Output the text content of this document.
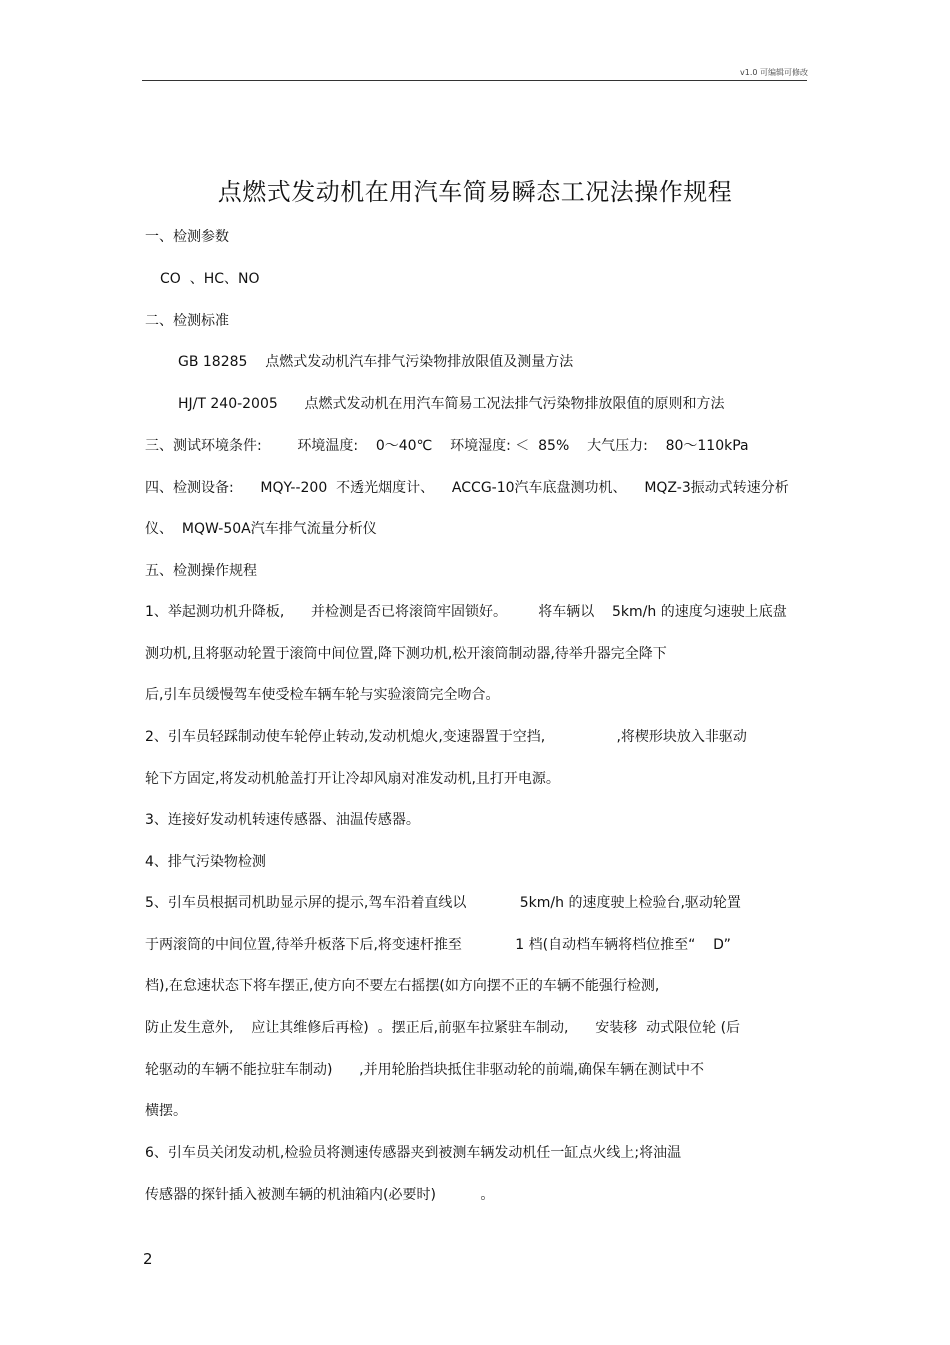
v1.0 可编辑可修改
点燃式发动机在用汽车简易瞬态工况法操作规程
一、检测参数
CO  、HC、NO
二、检测标准
GB 18285    点燃式发动机汽车排气污染物排放限值及测量方法
HJ/T 240-2005      点燃式发动机在用汽车简易工况法排气污染物排放限值的原则和方法
三、测试环境条件:        环境温度:    0～40℃    环境湿度: ＜  85%    大气压力:    80～110kPa
四、检测设备:      MQY--200  不透光烟度计、    ACCG-10汽车底盘测功机、    MQZ-3振动式转速分析
仪、  MQW-50A汽车排气流量分析仪
五、检测操作规程
1、举起测功机升降板,      并检测是否已将滚筒牢固锁好。       将车辆以    5km/h 的速度匀速驶上底盘
测功机,且将驱动轮置于滚筒中间位置,降下测功机,松开滚筒制动器,待举升器完全降下
后,引车员缓慢驾车使受检车辆车轮与实验滚筒完全吻合。
2、引车员轻踩制动使车轮停止转动,发动机熄火,变速器置于空挡,                ,将楔形块放入非驱动
轮下方固定,将发动机舱盖打开让冷却风扇对准发动机,且打开电源。
3、连接好发动机转速传感器、油温传感器。
4、排气污染物检测
5、引车员根据司机助显示屏的提示,驾车沿着直线以            5km/h 的速度驶上检验台,驱动轮置
于两滚筒的中间位置,待举升板落下后,将变速杆推至            1 档(自动档车辆将档位推至“    D”
档),在怠速状态下将车摆正,使方向不要左右摇摆(如方向摆不正的车辆不能强行检测,
防止发生意外,    应让其维修后再检)  。摆正后,前驱车拉紧驻车制动,      安装移  动式限位轮 (后
轮驱动的车辆不能拉驻车制动)      ,并用轮胎挡块抵住非驱动轮的前端,确保车辆在测试中不
横摆。
6、引车员关闭发动机,检验员将测速传感器夹到被测车辆发动机任一缸点火线上;将油温
传感器的探针插入被测车辆的机油箱内(必要时)          。
2
